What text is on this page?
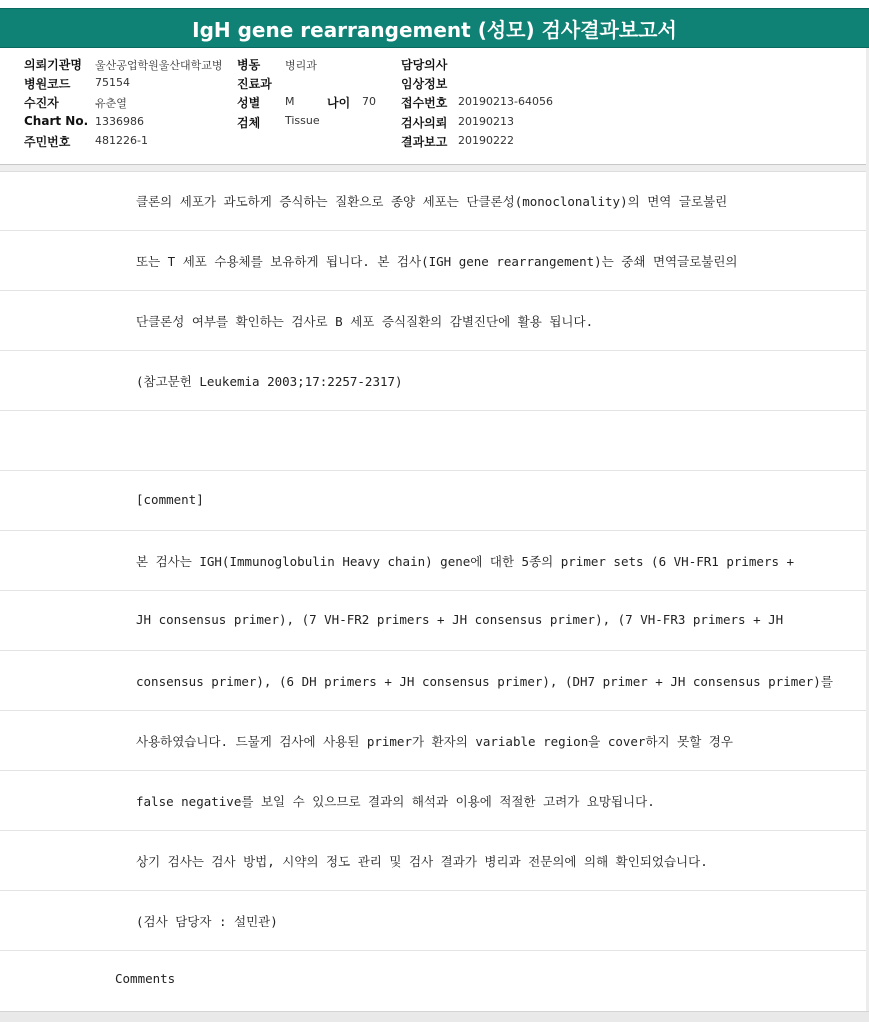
IgH gene rearrangement (성모) 검사결과보고서
의뢰기관명 울산공업학원울산대학교병
병원코드 75154
수진자	유춘열
Chart No. 1336986
주민번호 481226-1
병동 병리과
진료과
성별 M	나이 70
검체 Tissue
담당의사
임상정보
접수번호 20190213-64056
검사의뢰 20190213
결과보고 20190222
클론의 세포가 과도하게 증식하는 질환으로 종양 세포는 단클론성(monoclonality)의 면역 글로불린
또는 T 세포 수용체를 보유하게 됩니다. 본 검사(IGH gene rearrangement)는 중쇄 면역글로불린의
단클론성 여부를 확인하는 검사로 B 세포 증식질환의 감별진단에 활용 됩니다.
(참고문헌 Leukemia 2003;17:2257-2317)
[comment]
본 검사는 IGH(Immunoglobulin Heavy chain) gene에 대한 5종의 primer sets (6 VH-FR1 primers +
JH consensus primer), (7 VH-FR2 primers + JH consensus primer), (7 VH-FR3 primers + JH
consensus primer), (6 DH primers + JH consensus primer), (DH7 primer + JH consensus primer)를
사용하였습니다. 드물게 검사에 사용된 primer가 환자의 variable region을 cover하지 못할 경우
false negative를 보일 수 있으므로 결과의 해석과 이용에 적절한 고려가 요망됩니다.
상기 검사는 검사 방법, 시약의 정도 관리 및 검사 결과가 병리과 전문의에 의해 확인되었습니다.
(검사 담당자 : 설민관)
Comments
